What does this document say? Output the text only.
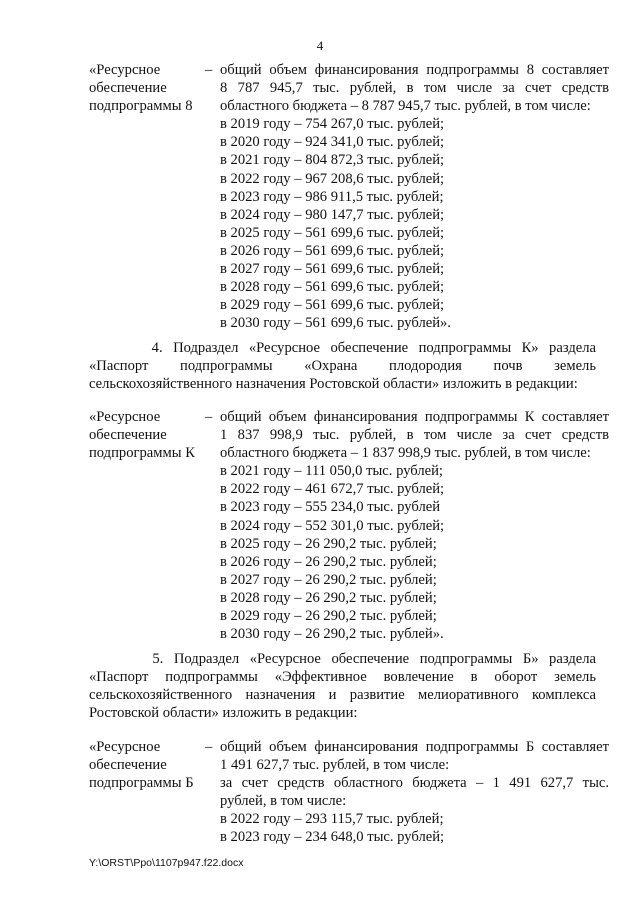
4
«Ресурсное
обеспечение
подпрограммы 8
– общий объем финансирования подпрограммы 8 составляет
8 787 945,7 тыс. рублей, в том числе за счет средств
областного бюджета – 8 787 945,7 тыс. рублей, в том числе:
в 2019 году – 754 267,0 тыс. рублей;
в 2020 году – 924 341,0 тыс. рублей;
в 2021 году – 804 872,3 тыс. рублей;
в 2022 году – 967 208,6 тыс. рублей;
в 2023 году – 986 911,5 тыс. рублей;
в 2024 году – 980 147,7 тыс. рублей;
в 2025 году – 561 699,6 тыс. рублей;
в 2026 году – 561 699,6 тыс. рублей;
в 2027 году – 561 699,6 тыс. рублей;
в 2028 году – 561 699,6 тыс. рублей;
в 2029 году – 561 699,6 тыс. рублей;
в 2030 году – 561 699,6 тыс. рублей».
4. Подраздел «Ресурсное обеспечение подпрограммы К» раздела
«Паспорт подпрограммы «Охрана плодородия почв земель
сельскохозяйственного назначения Ростовской области» изложить в редакции:
«Ресурсное
обеспечение
подпрограммы К
– общий объем финансирования подпрограммы К составляет
1 837 998,9 тыс. рублей, в том числе за счет средств
областного бюджета – 1 837 998,9 тыс. рублей, в том числе:
в 2021 году – 111 050,0 тыс. рублей;
в 2022 году – 461 672,7 тыс. рублей;
в 2023 году – 555 234,0 тыс. рублей
в 2024 году – 552 301,0 тыс. рублей;
в 2025 году – 26 290,2 тыс. рублей;
в 2026 году – 26 290,2 тыс. рублей;
в 2027 году – 26 290,2 тыс. рублей;
в 2028 году – 26 290,2 тыс. рублей;
в 2029 году – 26 290,2 тыс. рублей;
в 2030 году – 26 290,2 тыс. рублей».
5. Подраздел «Ресурсное обеспечение подпрограммы Б» раздела
«Паспорт подпрограммы «Эффективное вовлечение в оборот земель
сельскохозяйственного назначения и развитие мелиоративного комплекса
Ростовской области» изложить в редакции:
«Ресурсное
обеспечение
подпрограммы Б
– общий объем финансирования подпрограммы Б составляет
1 491 627,7 тыс. рублей, в том числе:
за счет средств областного бюджета – 1 491 627,7 тыс.
рублей, в том числе:
в 2022 году – 293 115,7 тыс. рублей;
в 2023 году – 234 648,0 тыс. рублей;
Y:\ORST\Ppo\1107p947.f22.docx
